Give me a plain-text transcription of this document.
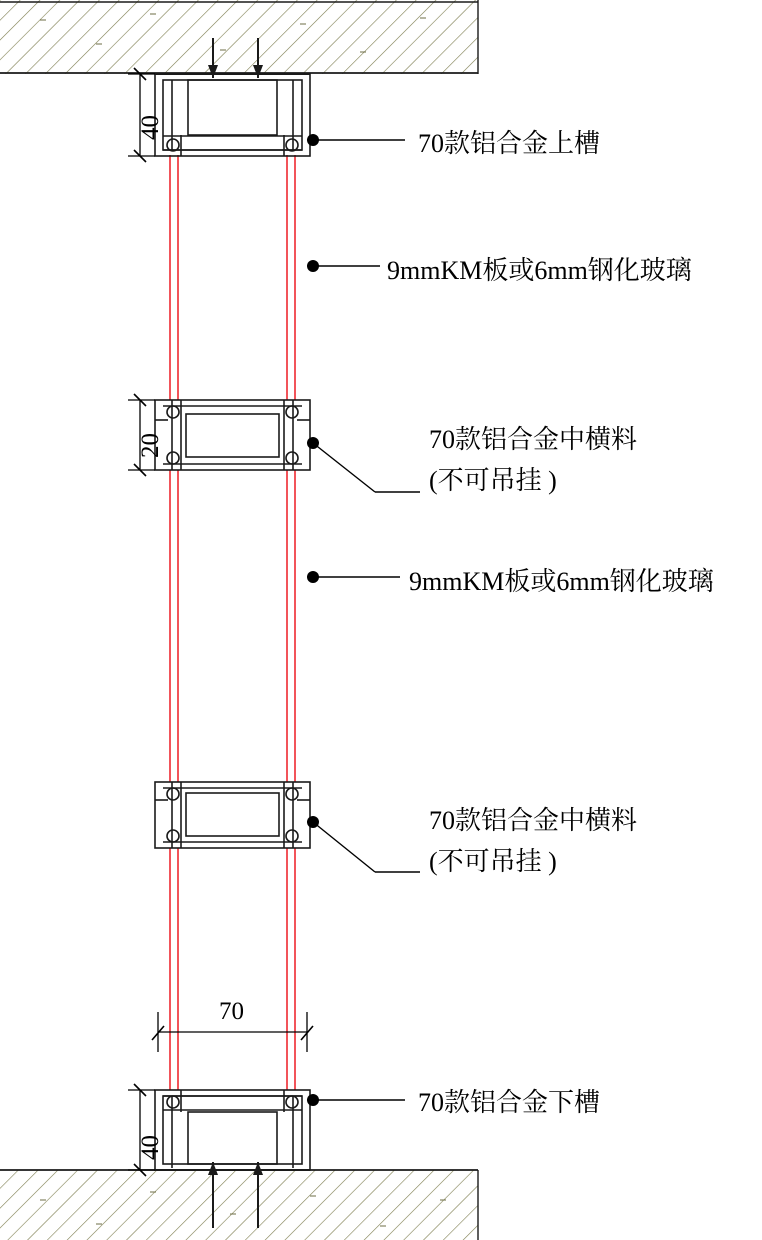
70款铝合金上槽
9mmKM板或6mm钢化玻璃
70款铝合金中横料
(不可吊挂 )
9mmKM板或6mm钢化玻璃
70款铝合金中横料
(不可吊挂 )
70款铝合金下槽
40
20
70
40
